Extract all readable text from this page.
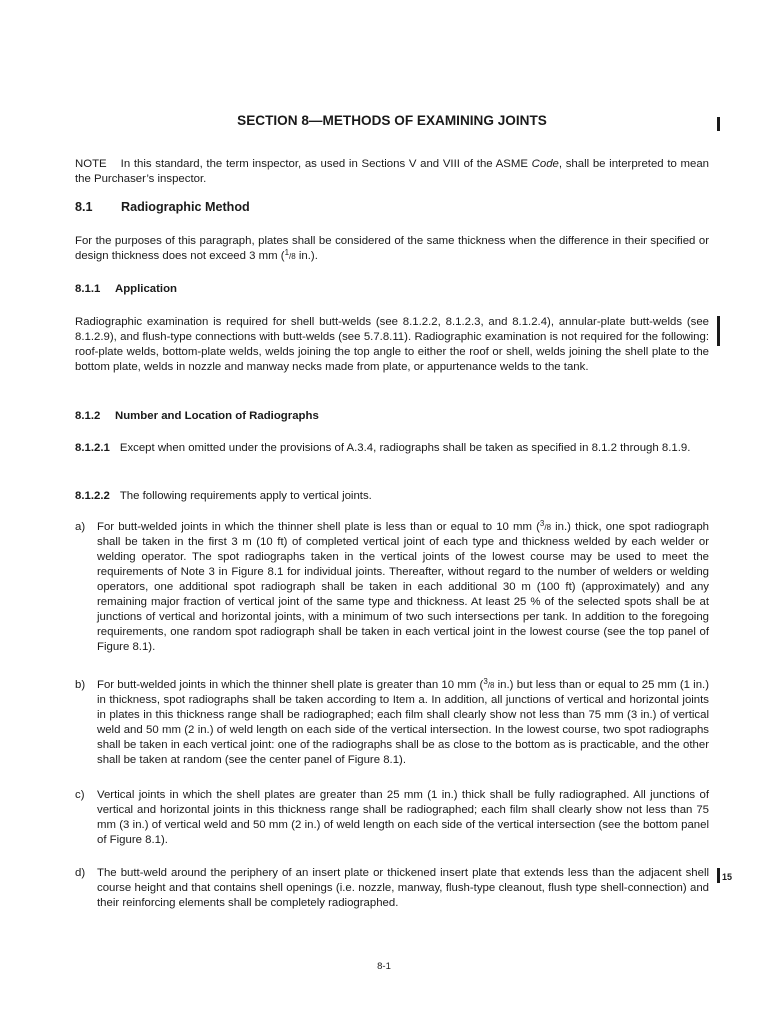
SECTION 8—METHODS OF EXAMINING JOINTS
NOTE In this standard, the term inspector, as used in Sections V and VIII of the ASME Code, shall be interpreted to mean the Purchaser’s inspector.
8.1 Radiographic Method
For the purposes of this paragraph, plates shall be considered of the same thickness when the difference in their specified or design thickness does not exceed 3 mm ($^1$/8 in.).
8.1.1 Application
Radiographic examination is required for shell butt-welds (see 8.1.2.2, 8.1.2.3, and 8.1.2.4), annular-plate butt-welds (see 8.1.2.9), and flush-type connections with butt-welds (see 5.7.8.11). Radiographic examination is not required for the following: roof-plate welds, bottom-plate welds, welds joining the top angle to either the roof or shell, welds joining the shell plate to the bottom plate, welds in nozzle and manway necks made from plate, or appurtenance welds to the tank.
8.1.2 Number and Location of Radiographs
8.1.2.1 Except when omitted under the provisions of A.3.4, radiographs shall be taken as specified in 8.1.2 through 8.1.9.
8.1.2.2 The following requirements apply to vertical joints.
a)	For butt-welded joints in which the thinner shell plate is less than or equal to 10 mm ($^3$/8 in.) thick, one spot radiograph shall be taken in the first 3 m (10 ft) of completed vertical joint of each type and thickness welded by each welder or welding operator. The spot radiographs taken in the vertical joints of the lowest course may be used to meet the requirements of Note 3 in Figure 8.1 for individual joints. Thereafter, without regard to the number of welders or welding operators, one additional spot radiograph shall be taken in each additional 30 m (100 ft) (approximately) and any remaining major fraction of vertical joint of the same type and thickness. At least 25 % of the selected spots shall be at junctions of vertical and horizontal joints, with a minimum of two such intersections per tank. In addition to the foregoing requirements, one random spot radiograph shall be taken in each vertical joint in the lowest course (see the top panel of Figure 8.1).
b)	For butt-welded joints in which the thinner shell plate is greater than 10 mm ($^3$/8 in.) but less than or equal to 25 mm (1 in.) in thickness, spot radiographs shall be taken according to Item a. In addition, all junctions of vertical and horizontal joints in plates in this thickness range shall be radiographed; each film shall clearly show not less than 75 mm (3 in.) of vertical weld and 50 mm (2 in.) of weld length on each side of the vertical intersection. In the lowest course, two spot radiographs shall be taken in each vertical joint: one of the radiographs shall be as close to the bottom as is practicable, and the other shall be taken at random (see the center panel of Figure 8.1).
c)	Vertical joints in which the shell plates are greater than 25 mm (1 in.) thick shall be fully radiographed. All junctions of vertical and horizontal joints in this thickness range shall be radiographed; each film shall clearly show not less than 75 mm (3 in.) of vertical weld and 50 mm (2 in.) of weld length on each side of the vertical intersection (see the bottom panel of Figure 8.1).
d)	The butt-weld around the periphery of an insert plate or thickened insert plate that extends less than the adjacent shell course height and that contains shell openings (i.e. nozzle, manway, flush-type cleanout, flush type shell-connection) and their reinforcing elements shall be completely radiographed.
15
8-1
